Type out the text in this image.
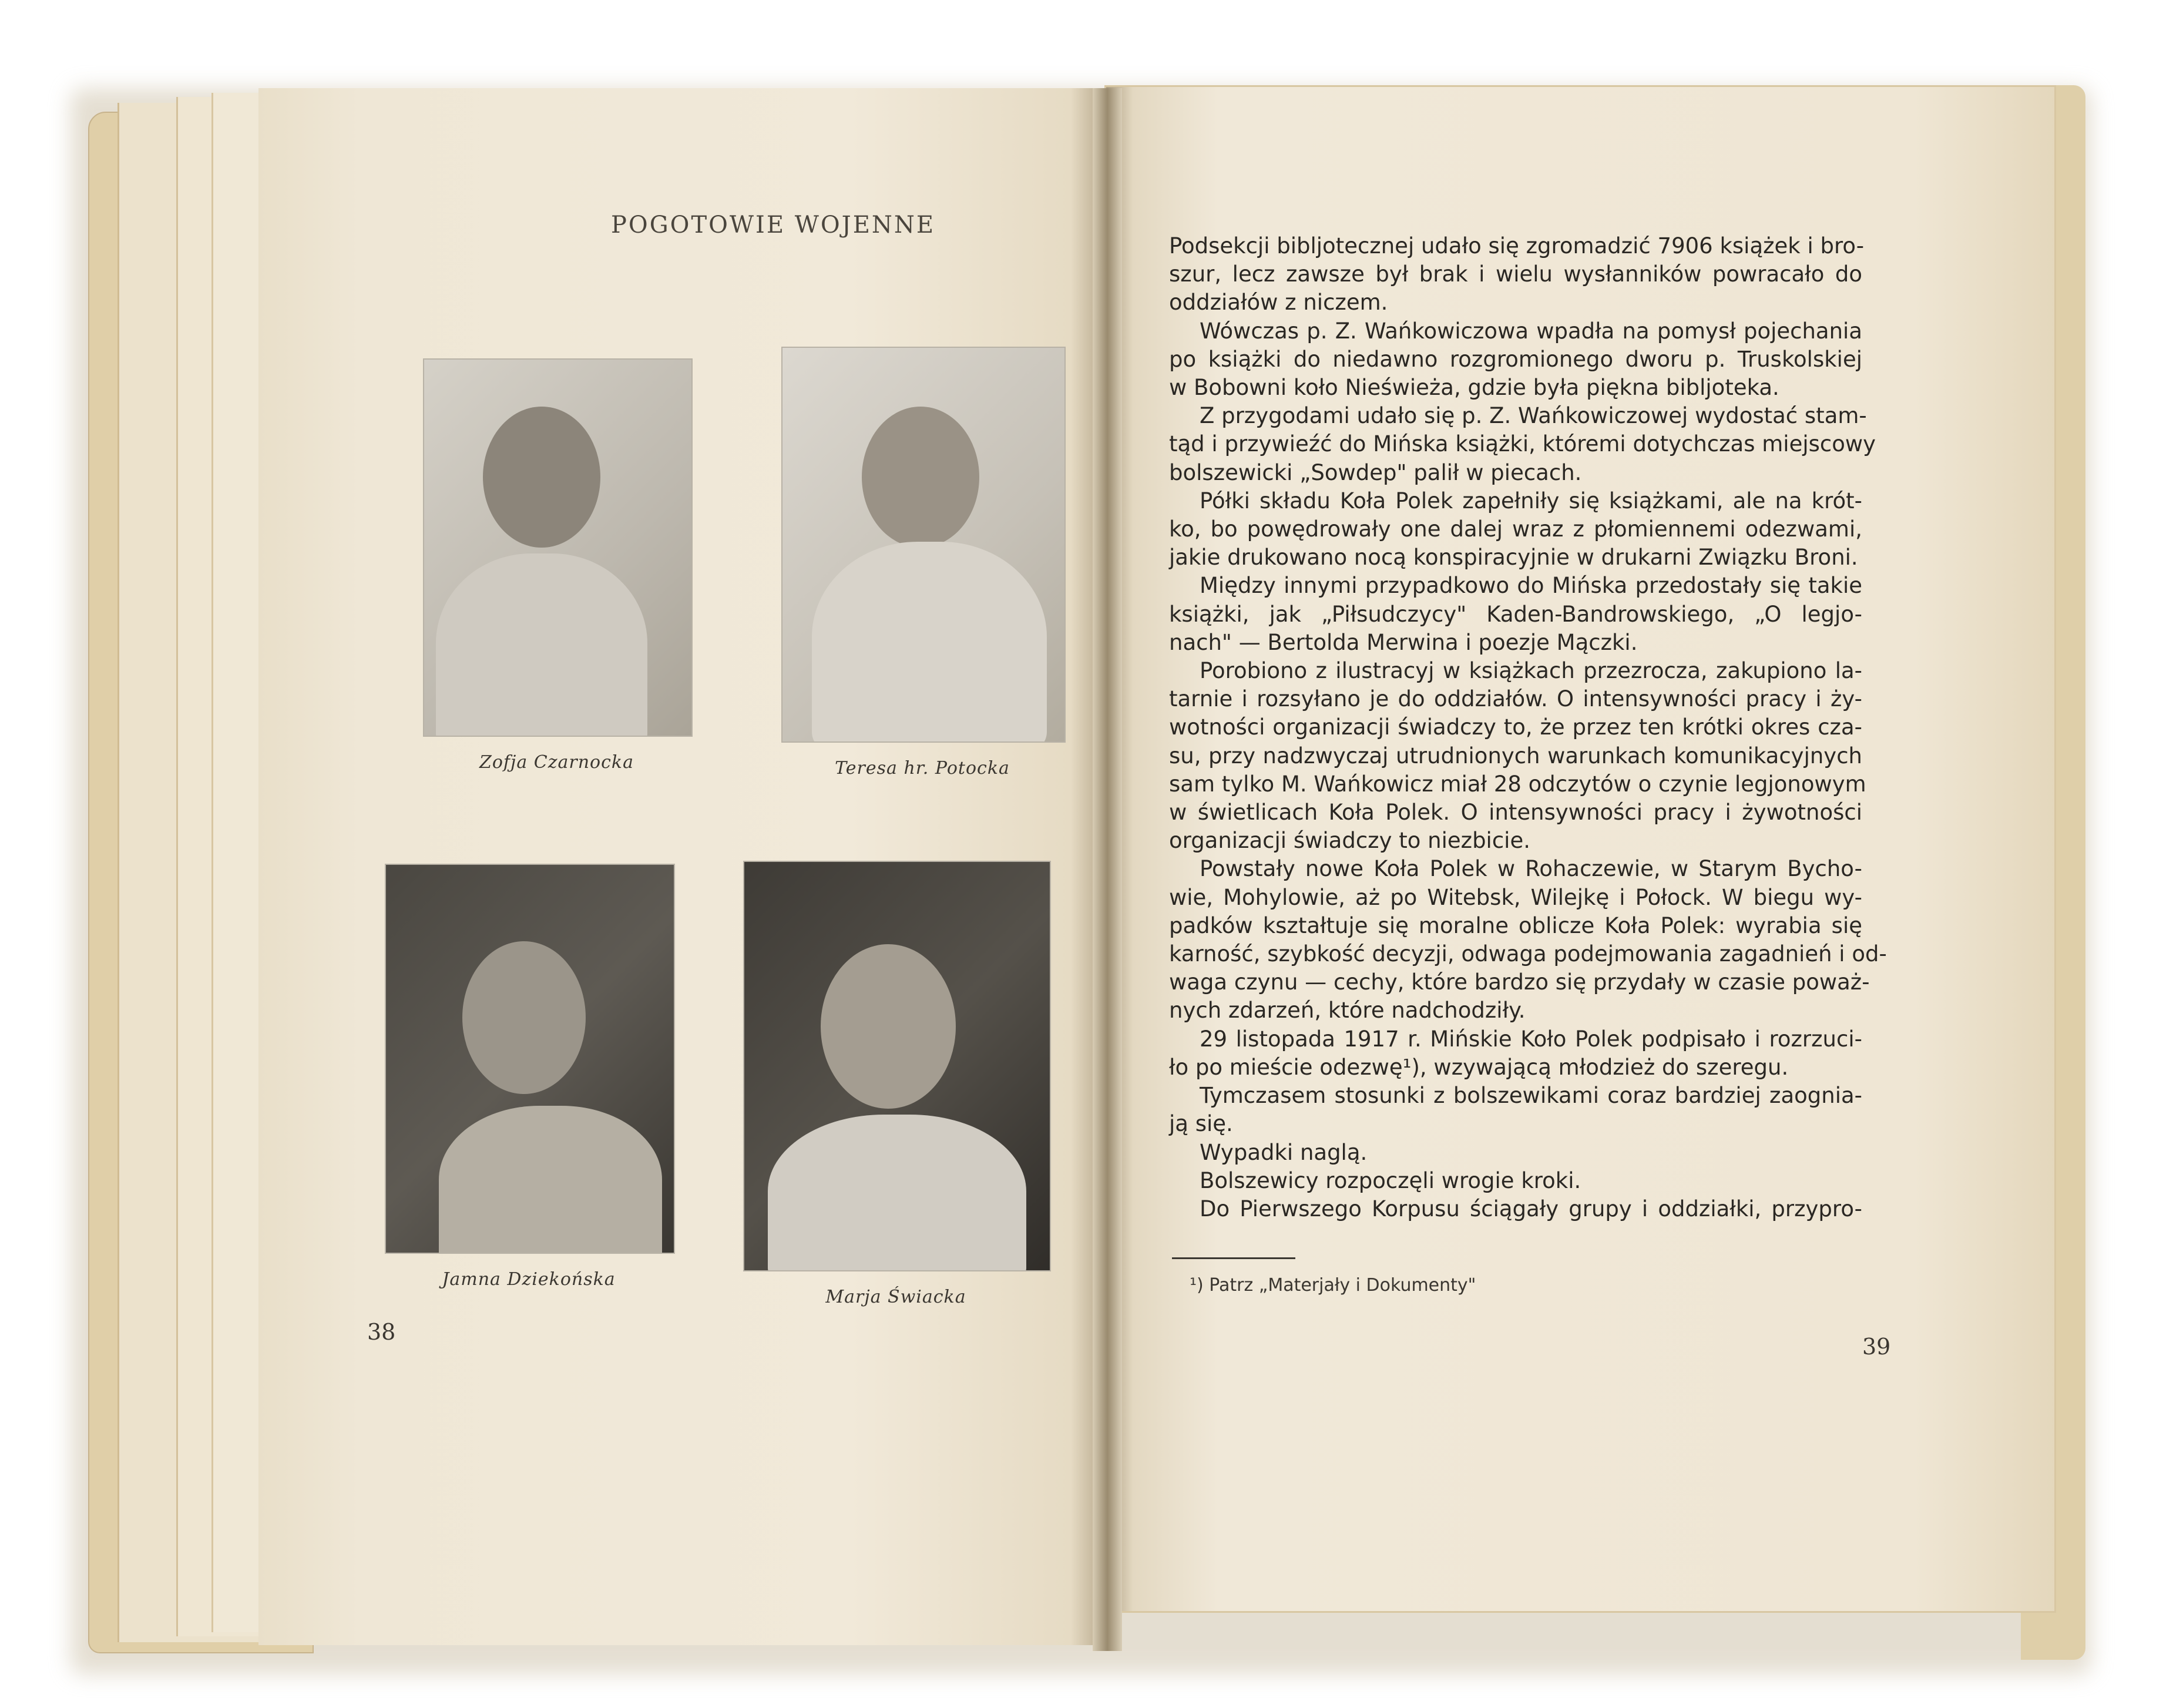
POGOTOWIE WOJENNE
Zofja Czarnocka	Teresa hr. Potocka
Jamna Dziekońska
Marja Świacka
38
Podsekcji bibljotecznej udało się zgromadzić 7906 książek i bro-
szur, lecz zawsze był brak i wielu wysłanników powracało do
oddziałów z niczem.
Wówczas p. Z. Wańkowiczowa wpadła na pomysł pojechania
po książki do niedawno rozgromionego dworu p. Truskolskiej
w Bobowni koło Nieświeża, gdzie była piękna bibljoteka.
Z przygodami udało się p. Z. Wańkowiczowej wydostać stam-
tąd i przywieźć do Mińska książki, któremi dotychczas miejscowy
bolszewicki „Sowdep" palił w piecach.
Półki składu Koła Polek zapełniły się książkami, ale na krót-
ko, bo powędrowały one dalej wraz z płomiennemi odezwami,
jakie drukowano nocą konspiracyjnie w drukarni Związku Broni.
Między innymi przypadkowo do Mińska przedostały się takie
książki, jak „Piłsudczycy" Kaden-Bandrowskiego, „O legjo-
nach" — Bertolda Merwina i poezje Mączki.
Porobiono z ilustracyj w książkach przezrocza, zakupiono la-
tarnie i rozsyłano je do oddziałów. O intensywności pracy i ży-
wotności organizacji świadczy to, że przez ten krótki okres cza-
su, przy nadzwyczaj utrudnionych warunkach komunikacyjnych
sam tylko M. Wańkowicz miał 28 odczytów o czynie legjonowym
w świetlicach Koła Polek. O intensywności pracy i żywotności
organizacji świadczy to niezbicie.
Powstały nowe Koła Polek w Rohaczewie, w Starym Bycho-
wie, Mohylowie, aż po Witebsk, Wilejkę i Połock. W biegu wy-
padków kształtuje się moralne oblicze Koła Polek: wyrabia się
karność, szybkość decyzji, odwaga podejmowania zagadnień i od-
waga czynu — cechy, które bardzo się przydały w czasie poważ-
nych zdarzeń, które nadchodziły.
29 listopada 1917 r. Mińskie Koło Polek podpisało i rozrzuci-
ło po mieście odezwę¹), wzywającą młodzież do szeregu.
Tymczasem stosunki z bolszewikami coraz bardziej zaognia-
ją się.
Wypadki naglą.
Bolszewicy rozpoczęli wrogie kroki.
Do Pierwszego Korpusu ściągały grupy i oddziałki, przypro-
¹) Patrz „Materjały i Dokumenty"
39
